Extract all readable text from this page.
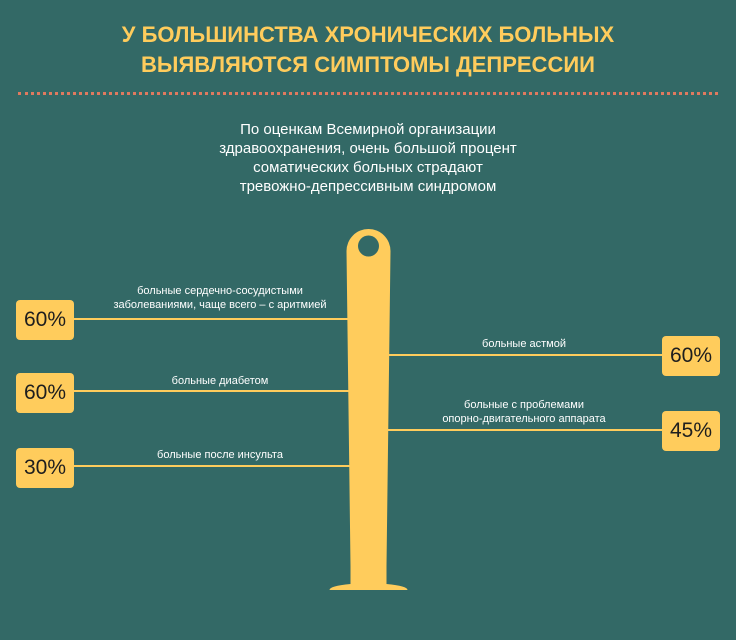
У БОЛЬШИНСТВА ХРОНИЧЕСКИХ БОЛЬНЫХ
ВЫЯВЛЯЮТСЯ СИМПТОМЫ ДЕПРЕССИИ

По оценкам Всемирной организации
здравоохранения, очень большой процент
соматических больных страдают
тревожно-депрессивным синдромом

60%
больные сердечно-сосудистыми
заболеваниями, чаще всего – с аритмией
60%	больные диабетом
30%
больные после инсульта
60%
больные астмой
45%
больные с проблемами
опорно-двигательного аппарата
